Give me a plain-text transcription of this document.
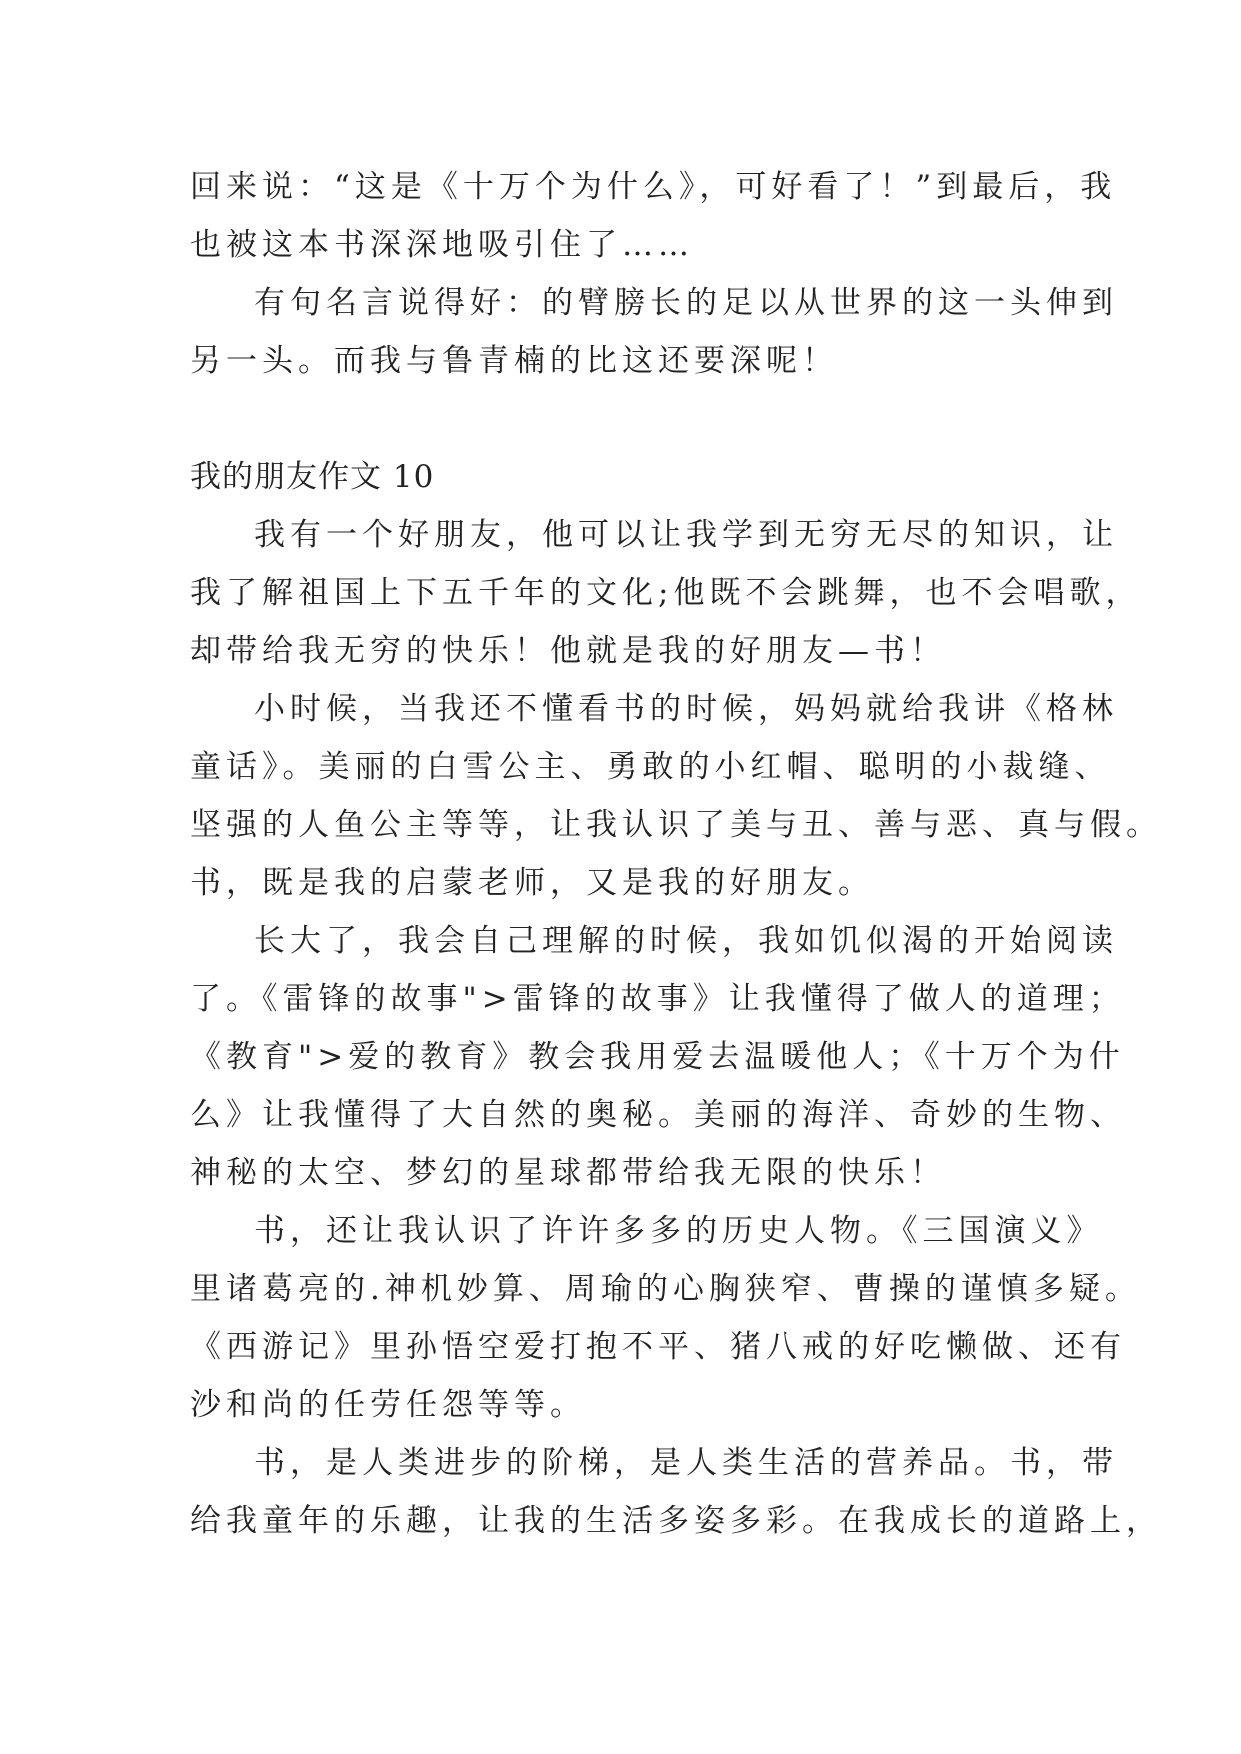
回来说：“这是《十万个为什么》，可好看了！”到最后，我
也被这本书深深地吸引住了……
有句名言说得好：的臂膀长的足以从世界的这一头伸到
另一头。而我与鲁青楠的比这还要深呢！
我的朋友作文 10
我有一个好朋友，他可以让我学到无穷无尽的知识，让
我了解祖国上下五千年的文化;他既不会跳舞，也不会唱歌，
却带给我无穷的快乐！他就是我的好朋友—书！
小时候，当我还不懂看书的时候，妈妈就给我讲《格林
童话》。美丽的白雪公主、勇敢的小红帽、聪明的小裁缝、
坚强的人鱼公主等等，让我认识了美与丑、善与恶、真与假。
书，既是我的启蒙老师，又是我的好朋友。
长大了，我会自己理解的时候，我如饥似渴的开始阅读
了。《雷锋的故事">雷锋的故事》让我懂得了做人的道理；
《教育">爱的教育》教会我用爱去温暖他人；《十万个为什
么》让我懂得了大自然的奥秘。美丽的海洋、奇妙的生物、
神秘的太空、梦幻的星球都带给我无限的快乐！
书，还让我认识了许许多多的历史人物。《三国演义》
里诸葛亮的.神机妙算、周瑜的心胸狭窄、曹操的谨慎多疑。
《西游记》里孙悟空爱打抱不平、猪八戒的好吃懒做、还有
沙和尚的任劳任怨等等。
书，是人类进步的阶梯，是人类生活的营养品。书，带
给我童年的乐趣，让我的生活多姿多彩。在我成长的道路上，
